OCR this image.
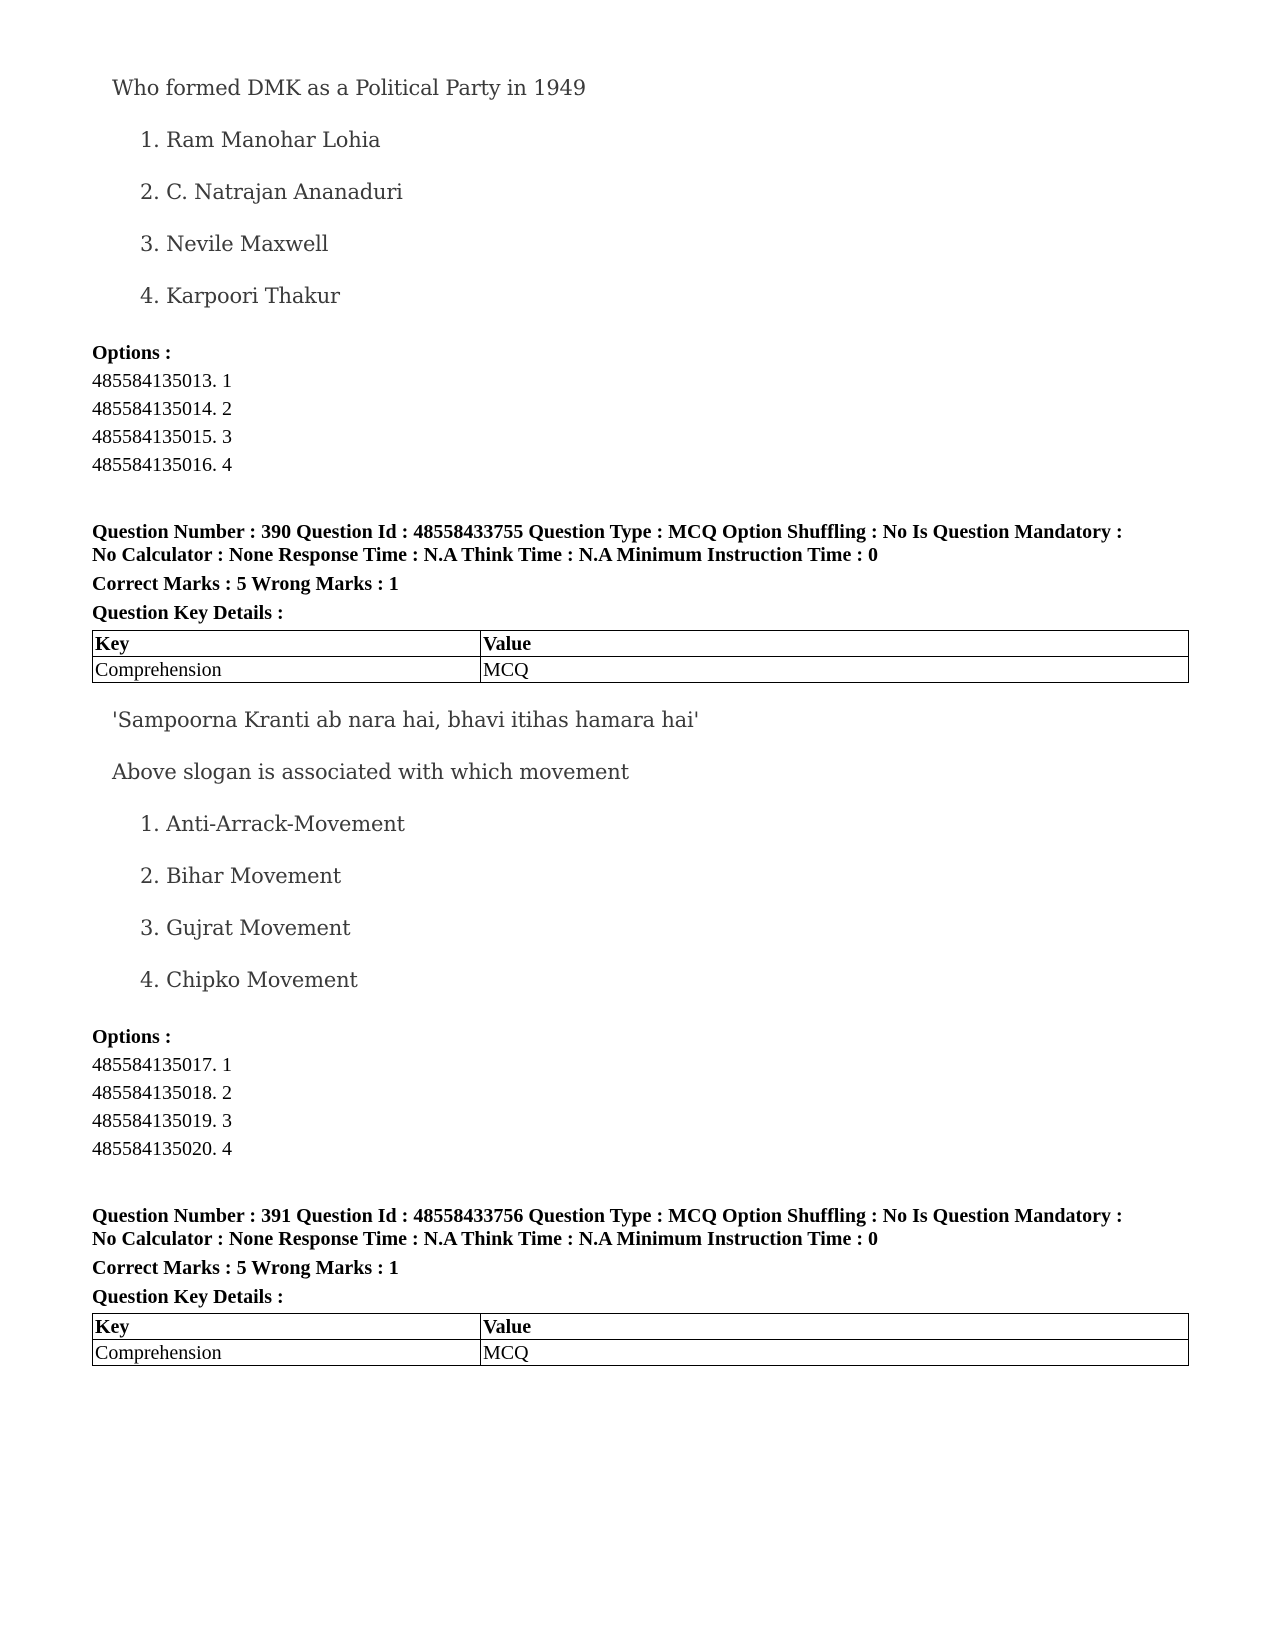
Who formed DMK as a Political Party in 1949
1. Ram Manohar Lohia
2. C. Natrajan Ananaduri
3. Nevile Maxwell
4. Karpoori Thakur
Options :
485584135013. 1
485584135014. 2
485584135015. 3
485584135016. 4
Question Number : 390 Question Id : 48558433755 Question Type : MCQ Option Shuffling : No Is Question Mandatory :
No Calculator : None Response Time : N.A Think Time : N.A Minimum Instruction Time : 0
Correct Marks : 5 Wrong Marks : 1
Question Key Details :
Key	Value
Comprehension	MCQ
'Sampoorna Kranti ab nara hai, bhavi itihas hamara hai'
Above slogan is associated with which movement
1. Anti-Arrack-Movement
2. Bihar Movement
3. Gujrat Movement
4. Chipko Movement
Options :
485584135017. 1
485584135018. 2
485584135019. 3
485584135020. 4
Question Number : 391 Question Id : 48558433756 Question Type : MCQ Option Shuffling : No Is Question Mandatory :
No Calculator : None Response Time : N.A Think Time : N.A Minimum Instruction Time : 0
Correct Marks : 5 Wrong Marks : 1
Question Key Details :
Key	Value
Comprehension	MCQ
